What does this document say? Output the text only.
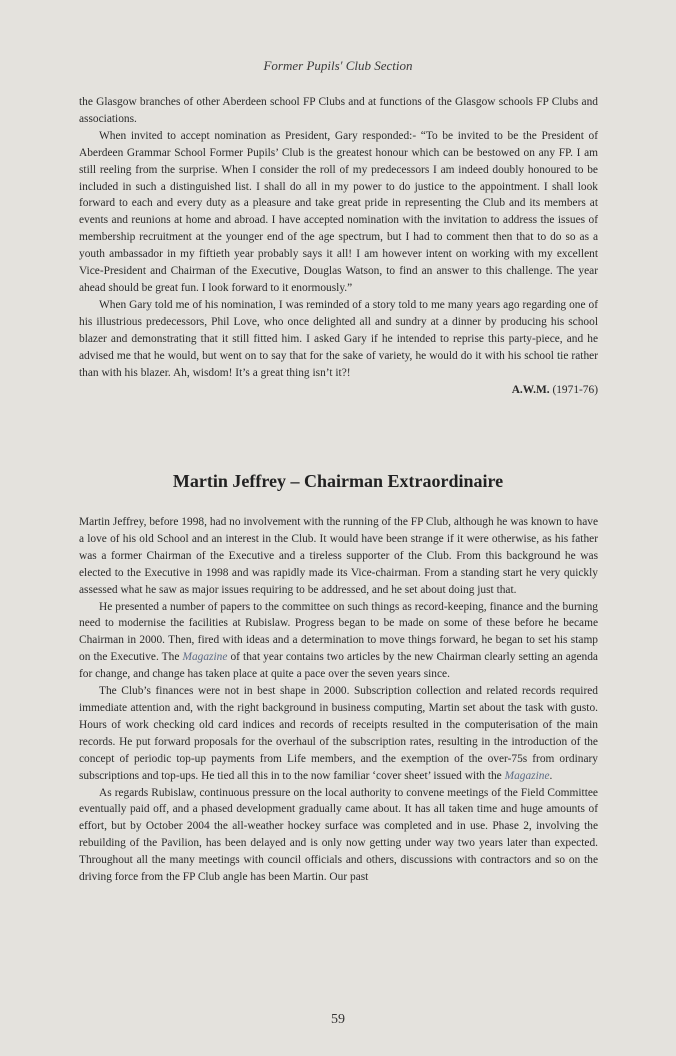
Former Pupils' Club Section

the Glasgow branches of other Aberdeen school FP Clubs and at functions of the Glasgow schools FP Clubs and associations.

When invited to accept nomination as President, Gary responded:- “To be invited to be the President of Aberdeen Grammar School Former Pupils’ Club is the greatest honour which can be bestowed on any FP. I am still reeling from the surprise. When I consider the roll of my predecessors I am indeed doubly honoured to be included in such a distinguished list. I shall do all in my power to do justice to the appointment. I shall look forward to each and every duty as a pleasure and take great pride in representing the Club and its members at events and reunions at home and abroad. I have accepted nomination with the invitation to address the issues of membership recruitment at the younger end of the age spectrum, but I had to comment then that to do so as a youth ambassador in my fiftieth year probably says it all! I am however intent on working with my excellent Vice-President and Chairman of the Executive, Douglas Watson, to find an answer to this challenge. The year ahead should be great fun. I look forward to it enormously.”

When Gary told me of his nomination, I was reminded of a story told to me many years ago regarding one of his illustrious predecessors, Phil Love, who once delighted all and sundry at a dinner by producing his school blazer and demonstrating that it still fitted him. I asked Gary if he intended to reprise this party-piece, and he advised me that he would, but went on to say that for the sake of variety, he would do it with his school tie rather than with his blazer. Ah, wisdom! It’s a great thing isn’t it?!

A.W.M. (1971-76)

Martin Jeffrey – Chairman Extraordinaire

Martin Jeffrey, before 1998, had no involvement with the running of the FP Club, although he was known to have a love of his old School and an interest in the Club. It would have been strange if it were otherwise, as his father was a former Chairman of the Executive and a tireless supporter of the Club. From this background he was elected to the Executive in 1998 and was rapidly made its Vice-chairman. From a standing start he very quickly assessed what he saw as major issues requiring to be addressed, and he set about doing just that.

He presented a number of papers to the committee on such things as record-keeping, finance and the burning need to modernise the facilities at Rubislaw. Progress began to be made on some of these before he became Chairman in 2000. Then, fired with ideas and a determination to move things forward, he began to set his stamp on the Executive. The Magazine of that year contains two articles by the new Chairman clearly setting an agenda for change, and change has taken place at quite a pace over the seven years since.

The Club’s finances were not in best shape in 2000. Subscription collection and related records required immediate attention and, with the right background in business computing, Martin set about the task with gusto. Hours of work checking old card indices and records of receipts resulted in the computerisation of the main records. He put forward proposals for the overhaul of the subscription rates, resulting in the introduction of the concept of periodic top-up payments from Life members, and the exemption of the over-75s from ordinary subscriptions and top-ups. He tied all this in to the now familiar ‘cover sheet’ issued with the Magazine.

As regards Rubislaw, continuous pressure on the local authority to convene meetings of the Field Committee eventually paid off, and a phased development gradually came about. It has all taken time and huge amounts of effort, but by October 2004 the all-weather hockey surface was completed and in use. Phase 2, involving the rebuilding of the Pavilion, has been delayed and is only now getting under way two years later than expected. Throughout all the many meetings with council officials and others, discussions with contractors and so on the driving force from the FP Club angle has been Martin. Our past

59
